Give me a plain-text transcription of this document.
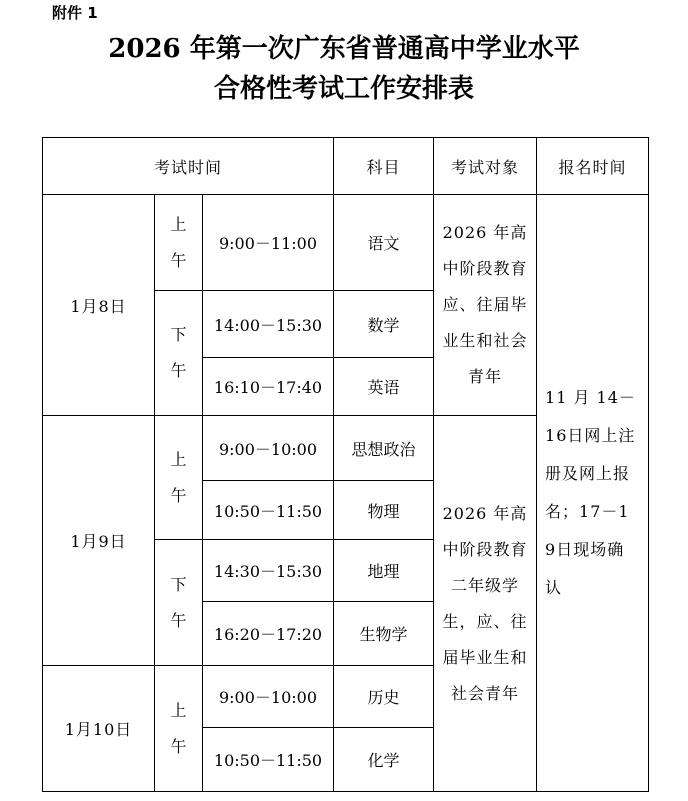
附件 1
2026 年第一次广东省普通高中学业水平
合格性考试工作安排表
考试时间			科目	考试对象	报名时间
1月8日	上午	9:00－11:00	语文	2026 年高中阶段教育应、往届毕业生和社会青年	11 月 14－16日网上注册及网上报名；17－19日现场确认

	下午	14:00－15:30	数学		
		16:10－17:40	英语		
1月9日	上午	9:00－10:00	思想政治	2026 年高中阶段教育二年级学生，应、往届毕业生和社会青年	
		10:50－11:50	物理		

	下午	14:30－15:30	地理		
		16:20－17:20	生物学		
1月10日	上午	9:00－10:00	历史		
		10:50－11:50	化学		
